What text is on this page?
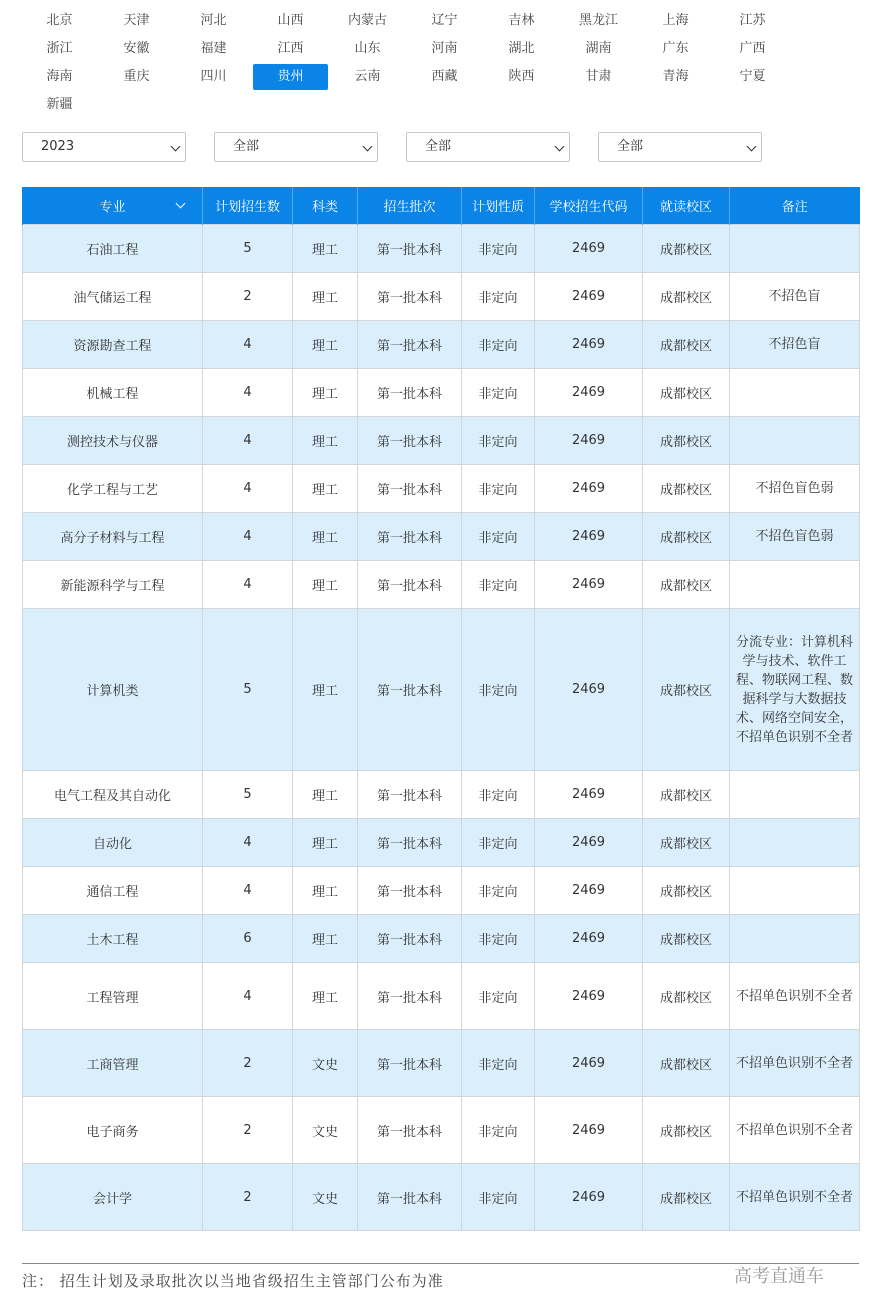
北京	天津	河北	山西	内蒙古	辽宁	吉林	黑龙江	上海	江苏
浙江	安徽	福建	江西	山东	河南	湖北	湖南	广东	广西
海南	重庆	四川	贵州	云南	西藏	陕西	甘肃	青海	宁夏
新疆
2023	全部	全部	全部
专业	计划招生数	科类	招生批次	计划性质	学校招生代码	就读校区	备注
石油工程	5	理工	第一批本科	非定向	2469	成都校区	
油气储运工程	2	理工	第一批本科	非定向	2469	成都校区	不招色盲
资源勘查工程	4	理工	第一批本科	非定向	2469	成都校区	不招色盲
机械工程	4	理工	第一批本科	非定向	2469	成都校区	
测控技术与仪器	4	理工	第一批本科	非定向	2469	成都校区	
化学工程与工艺	4	理工	第一批本科	非定向	2469	成都校区	不招色盲色弱
高分子材料与工程	4	理工	第一批本科	非定向	2469	成都校区	不招色盲色弱
新能源科学与工程	4	理工	第一批本科	非定向	2469	成都校区	
计算机类	5	理工	第一批本科	非定向	2469	成都校区	分流专业：计算机科学与技术、软件工程、物联网工程、数据科学与大数据技术、网络空间安全，不招单色识别不全者
电气工程及其自动化	5	理工	第一批本科	非定向	2469	成都校区	
自动化	4	理工	第一批本科	非定向	2469	成都校区	
通信工程	4	理工	第一批本科	非定向	2469	成都校区	
土木工程	6	理工	第一批本科	非定向	2469	成都校区	
工程管理	4	理工	第一批本科	非定向	2469	成都校区	不招单色识别不全者
工商管理	2	文史	第一批本科	非定向	2469	成都校区	不招单色识别不全者
电子商务	2	文史	第一批本科	非定向	2469	成都校区	不招单色识别不全者
会计学	2	文史	第一批本科	非定向	2469	成都校区	不招单色识别不全者
注： 招生计划及录取批次以当地省级招生主管部门公布为准	高考直通车
